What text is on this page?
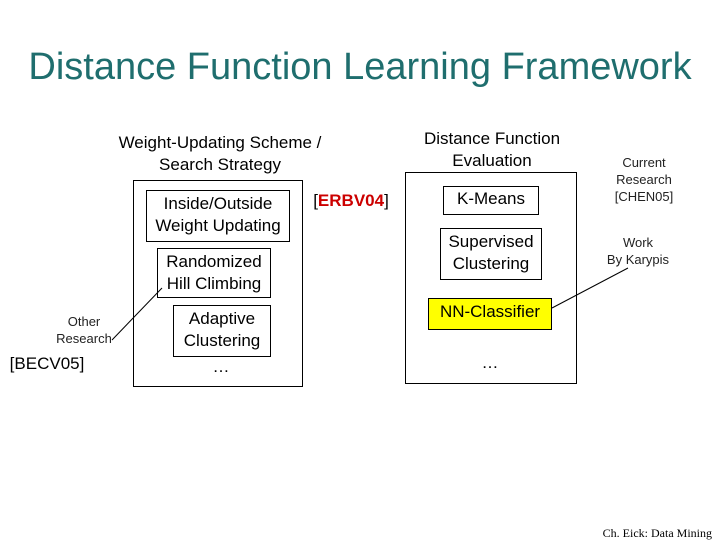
Distance Function Learning Framework
Weight-Updating Scheme /
Search Strategy
Inside/Outside
Weight Updating
Randomized
Hill Climbing
Adaptive
Clustering
…
[ERBV04]
Distance Function
Evaluation
K-Means
Supervised
Clustering
NN-Classifier
…
Other
Research
[BECV05]
Current
Research
[CHEN05]
Work
By Karypis
Ch. Eick: Data Mining
